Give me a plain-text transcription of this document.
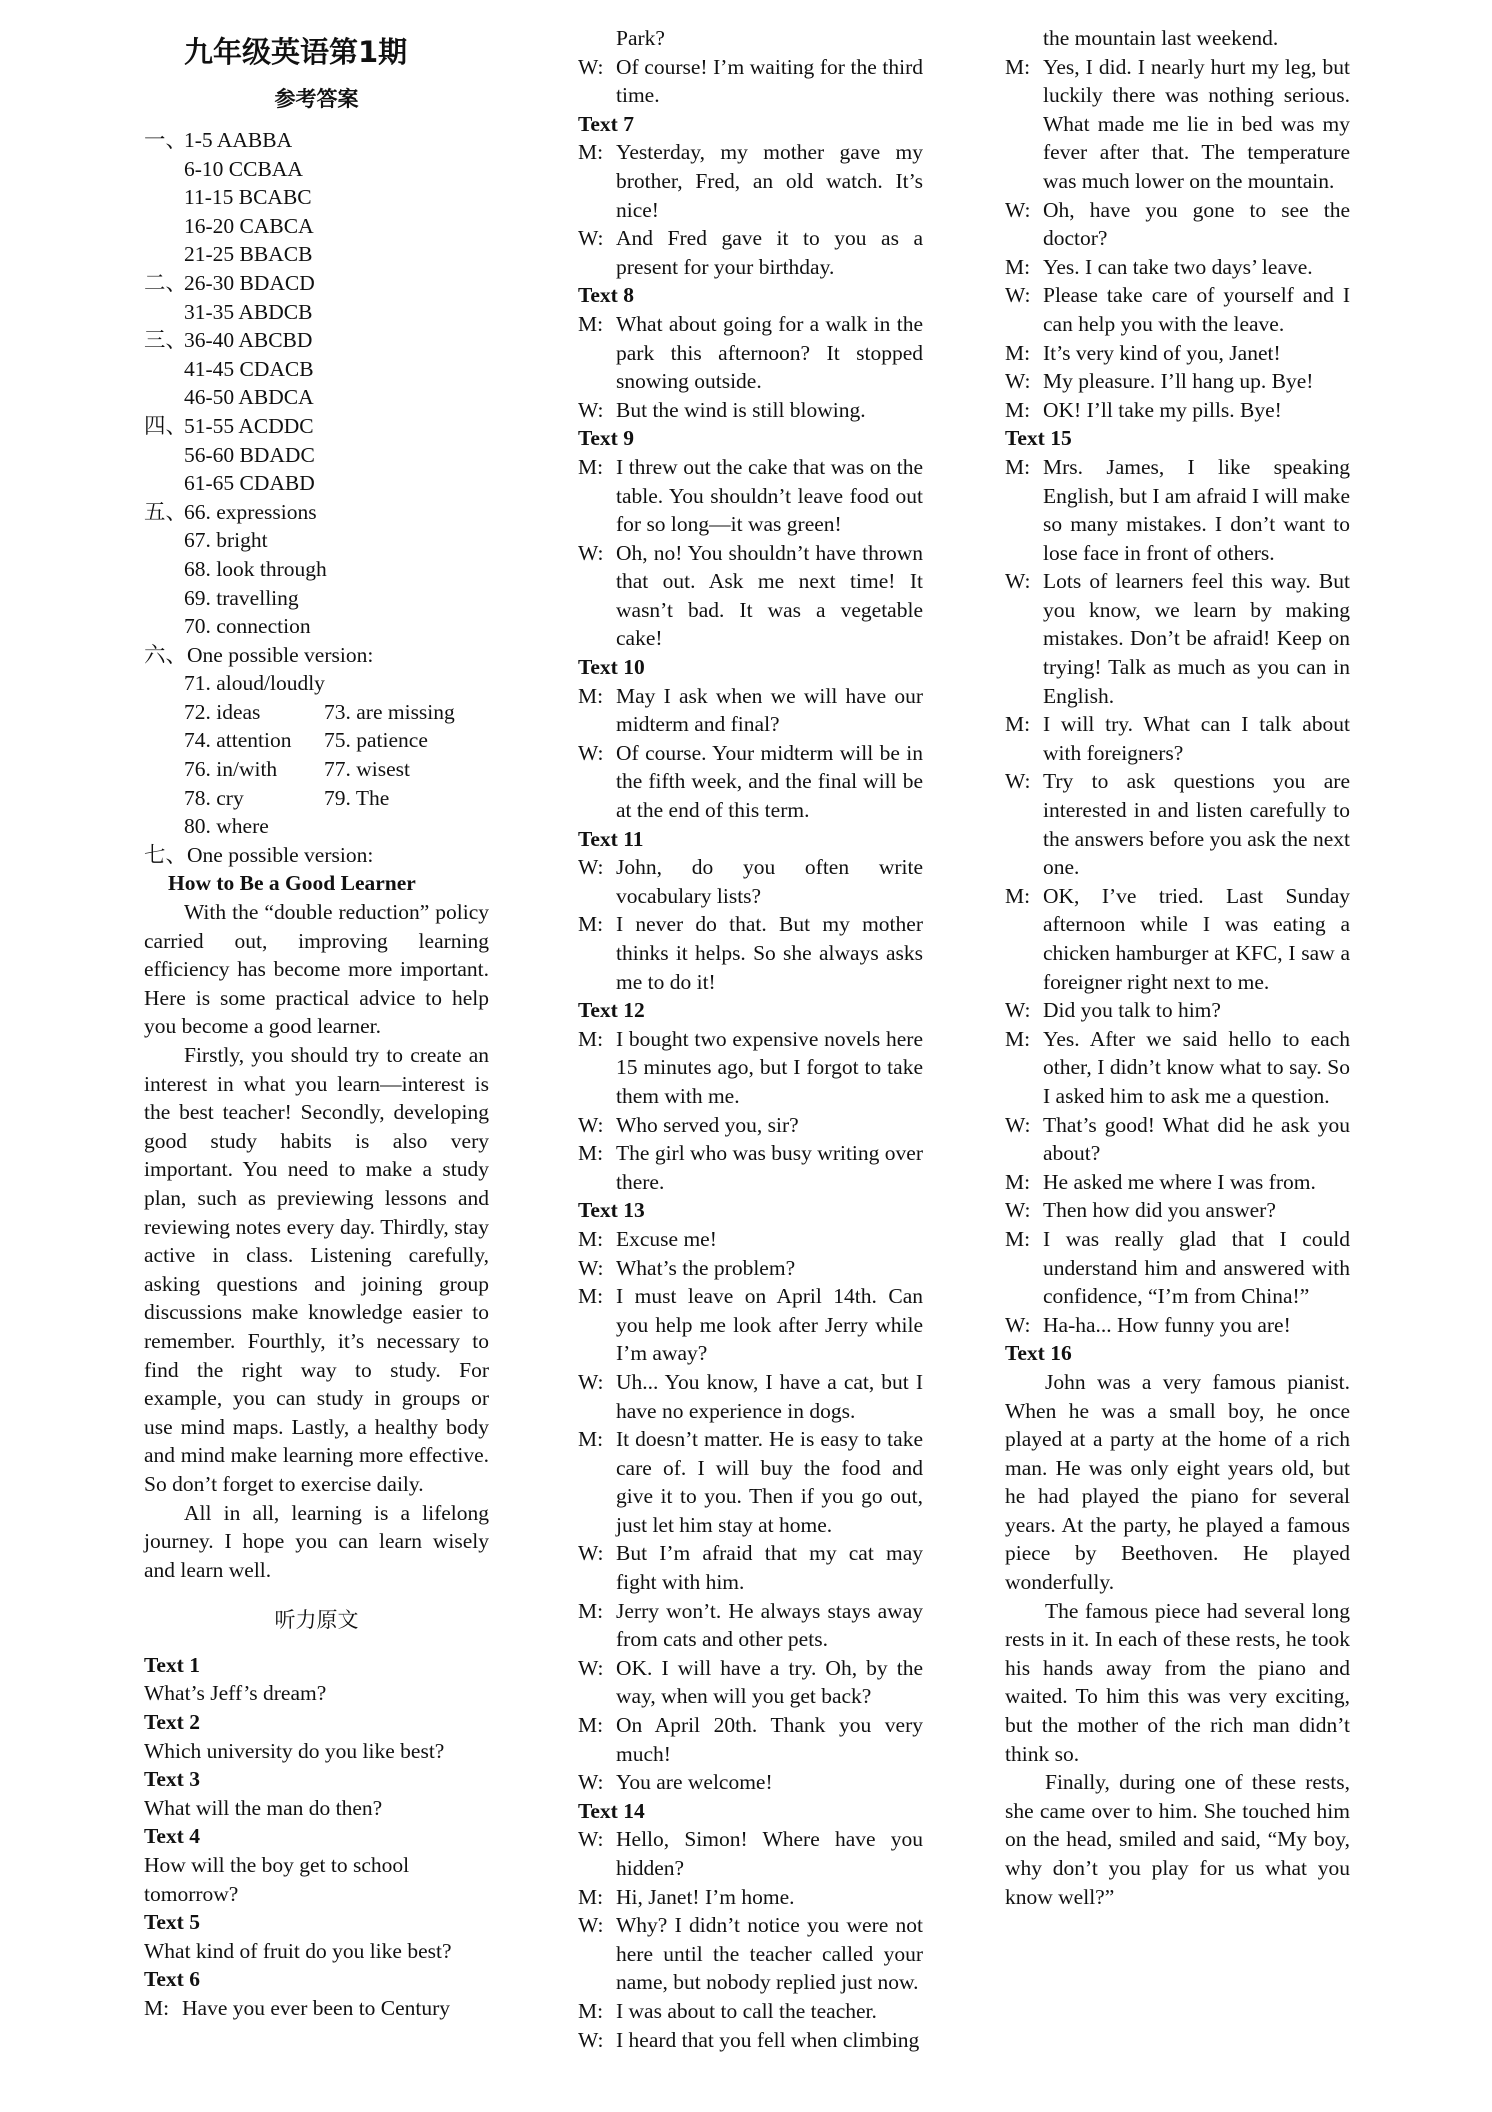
九年级英语第1期
参考答案
一、1-5 AABBA
6-10 CCBAA
11-15 BCABC
16-20 CABCA
21-25 BBACB
二、26-30 BDACD
31-35 ABDCB
三、36-40 ABCBD
41-45 CDACB
46-50 ABDCA
四、51-55 ACDDC
56-60 BDADC
61-65 CDABD
五、66. expressions
67. bright
68. look through
69. travelling
70. connection
六、One possible version:
71. aloud/loudly
72. ideas	73. are missing
74. attention 75. patience
76. in/with 77. wisest
78. cry	79. The
80. where
七、One possible version:
How to Be a Good Learner

With the “double reduction” policy carried out, improving learning efficiency has become more important. Here is some practical advice to help you become a good learner.

Firstly, you should try to create an interest in what you learn—interest is the best teacher! Secondly, developing good study habits is also very important. You need to make a study plan, such as previewing lessons and reviewing notes every day. Thirdly, stay active in class. Listening carefully, asking questions and joining group discussions make knowledge easier to remember. Fourthly, it’s necessary to find the right way to study. For example, you can study in groups or use mind maps. Lastly, a healthy body and mind make learning more effective. So don’t forget to exercise daily.

All in all, learning is a lifelong journey. I hope you can learn wisely and learn well.

听力原文
Text 1
What’s Jeff’s dream?
Text 2
Which university do you like best?
Text 3
What will the man do then?
Text 4
How will the boy get to school tomorrow?
Text 5
What kind of fruit do you like best?
Text 6
M: Have you ever been to Century
Park?
W: Of course! I’m waiting for the third time.
Text 7
M: Yesterday, my mother gave my brother, Fred, an old watch. It’s nice!
W: And Fred gave it to you as a present for your birthday.
Text 8
M: What about going for a walk in the park this afternoon? It stopped snowing outside.
W: But the wind is still blowing.
Text 9
M: I threw out the cake that was on the table. You shouldn’t leave food out for so long—it was green!
W: Oh, no! You shouldn’t have thrown that out. Ask me next time! It wasn’t bad. It was a vegetable cake!
Text 10
M: May I ask when we will have our midterm and final?
W: Of course. Your midterm will be in the fifth week, and the final will be at the end of this term.
Text 11
W: John, do you often write vocabulary lists?
M: I never do that. But my mother thinks it helps. So she always asks me to do it!
Text 12
M: I bought two expensive novels here 15 minutes ago, but I forgot to take them with me.
W: Who served you, sir?
M: The girl who was busy writing over there.
Text 13
M: Excuse me!
W: What’s the problem?
M: I must leave on April 14th. Can you help me look after Jerry while I’m away?
W: Uh... You know, I have a cat, but I have no experience in dogs.
M: It doesn’t matter. He is easy to take care of. I will buy the food and give it to you. Then if you go out, just let him stay at home.
W: But I’m afraid that my cat may fight with him.
M: Jerry won’t. He always stays away from cats and other pets.
W: OK. I will have a try. Oh, by the way, when will you get back?
M: On April 20th. Thank you very much!
W: You are welcome!
Text 14
W: Hello, Simon! Where have you hidden?
M: Hi, Janet! I’m home.
W: Why? I didn’t notice you were not here until the teacher called your name, but nobody replied just now.
M: I was about to call the teacher.
W: I heard that you fell when climbing
the mountain last weekend.
M: Yes, I did. I nearly hurt my leg, but luckily there was nothing serious. What made me lie in bed was my fever after that. The temperature was much lower on the mountain.
W: Oh, have you gone to see the doctor?
M: Yes. I can take two days’ leave.
W: Please take care of yourself and I can help you with the leave.
M: It’s very kind of you, Janet!
W: My pleasure. I’ll hang up. Bye!
M: OK! I’ll take my pills. Bye!
Text 15
M: Mrs. James, I like speaking English, but I am afraid I will make so many mistakes. I don’t want to lose face in front of others.
W: Lots of learners feel this way. But you know, we learn by making mistakes. Don’t be afraid! Keep on trying! Talk as much as you can in English.
M: I will try. What can I talk about with foreigners?
W: Try to ask questions you are interested in and listen carefully to the answers before you ask the next one.
M: OK, I’ve tried. Last Sunday afternoon while I was eating a chicken hamburger at KFC, I saw a foreigner right next to me.
W: Did you talk to him?
M: Yes. After we said hello to each other, I didn’t know what to say. So I asked him to ask me a question.
W: That’s good! What did he ask you about?
M: He asked me where I was from.
W: Then how did you answer?
M: I was really glad that I could understand him and answered with confidence, “I’m from China!”
W: Ha-ha... How funny you are!
Text 16

John was a very famous pianist. When he was a small boy, he once played at a party at the home of a rich man. He was only eight years old, but he had played the piano for several years. At the party, he played a famous piece by Beethoven. He played wonderfully.

The famous piece had several long rests in it. In each of these rests, he took his hands away from the piano and waited. To him this was very exciting, but the mother of the rich man didn’t think so.

Finally, during one of these rests, she came over to him. She touched him on the head, smiled and said, “My boy, why don’t you play for us what you know well?”
